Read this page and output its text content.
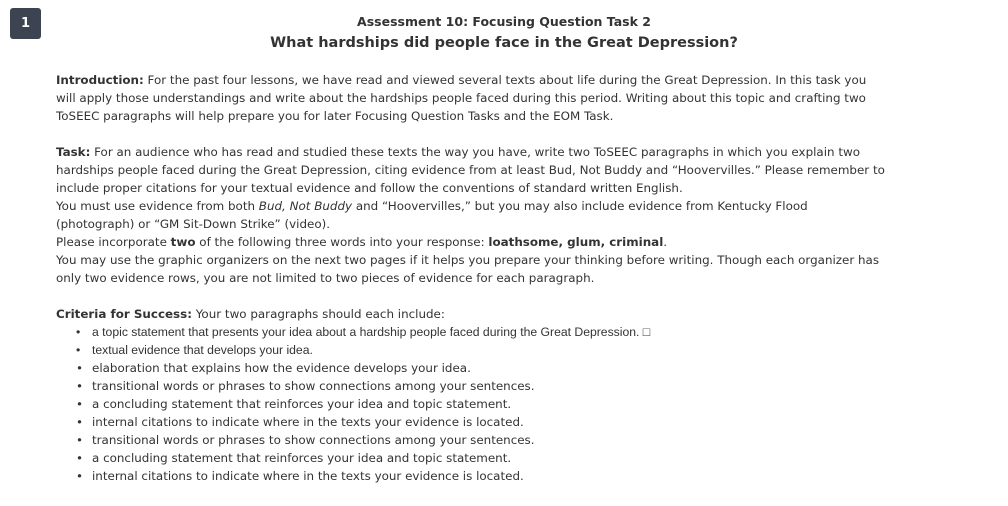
1	Assessment 10: Focusing Question Task 2
What hardships did people face in the Great Depression?

Introduction: For the past four lessons, we have read and viewed several texts about life during the Great Depression. In this task you will apply those understandings and write about the hardships people faced during this period. Writing about this topic and crafting two ToSEEC paragraphs will help prepare you for later Focusing Question Tasks and the EOM Task.

Task: For an audience who has read and studied these texts the way you have, write two ToSEEC paragraphs in which you explain two hardships people faced during the Great Depression, citing evidence from at least Bud, Not Buddy and “Hoovervilles.” Please remember to include proper citations for your textual evidence and follow the conventions of standard written English.

You must use evidence from both Bud, Not Buddy and “Hoovervilles,” but you may also include evidence from Kentucky Flood (photograph) or “GM Sit-Down Strike” (video).

Please incorporate two of the following three words into your response: loathsome, glum, criminal.

You may use the graphic organizers on the next two pages if it helps you prepare your thinking before writing. Though each organizer has only two evidence rows, you are not limited to two pieces of evidence for each paragraph.

Criteria for Success: Your two paragraphs should each include:

• a topic statement that presents your idea about a hardship people faced during the Great Depression. □
• textual evidence that develops your idea.
• elaboration that explains how the evidence develops your idea.
• transitional words or phrases to show connections among your sentences.
• a concluding statement that reinforces your idea and topic statement.
• internal citations to indicate where in the texts your evidence is located.
• transitional words or phrases to show connections among your sentences.
• a concluding statement that reinforces your idea and topic statement.
• internal citations to indicate where in the texts your evidence is located.
